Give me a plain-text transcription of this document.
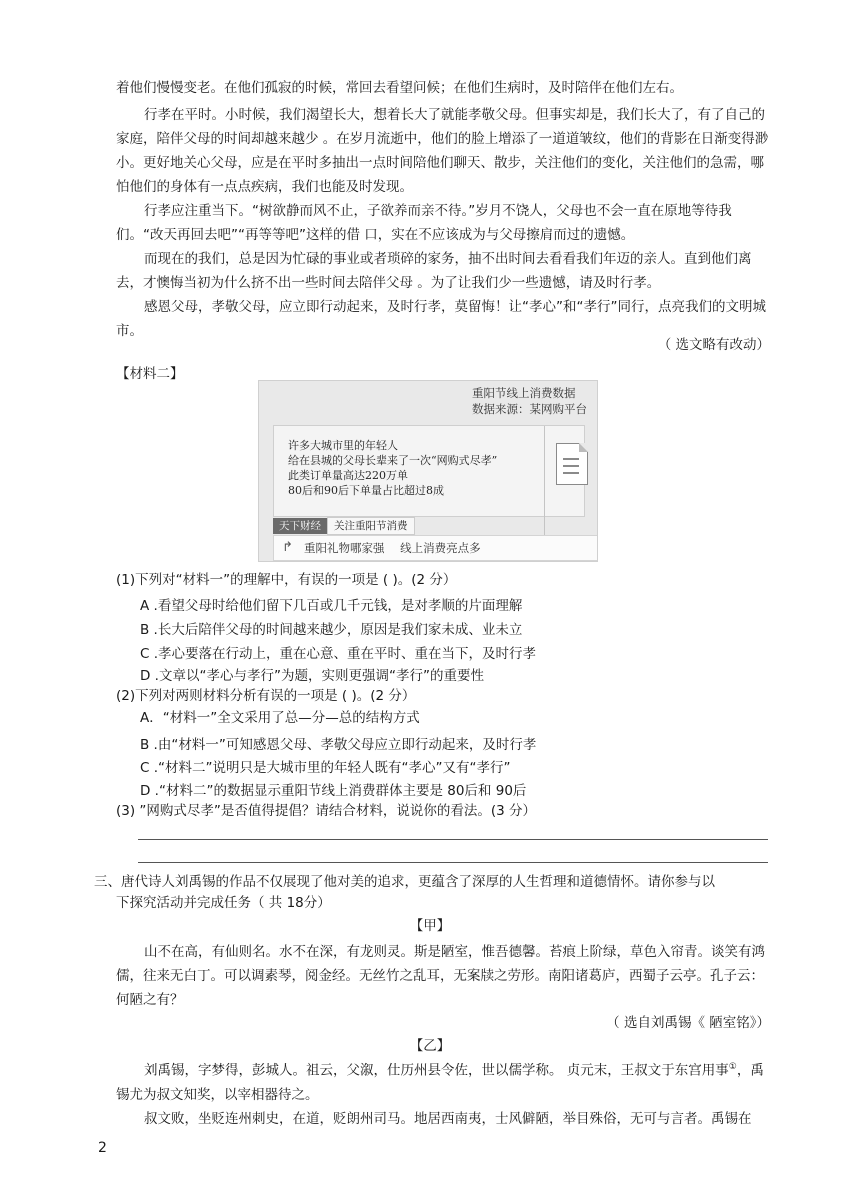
着他们慢慢变老。在他们孤寂的时候，常回去看望问候；在他们生病时，及时陪伴在他们左右。

行孝在平时。小时候，我们渴望长大，想着长大了就能孝敬父母。但事实却是，我们长大了，有了自己的家庭，陪伴父母的时间却越来越少 。在岁月流逝中，他们的脸上增添了一道道皱纹，他们的背影在日渐变得渺小。更好地关心父母，应是在平时多抽出一点时间陪他们聊天、散步，关注他们的变化，关注他们的急需，哪怕他们的身体有一点点疾病，我们也能及时发现。

行孝应注重当下。“树欲静而风不止，子欲养而亲不待。”岁月不饶人，父母也不会一直在原地等待我们。“改天再回去吧”“再等等吧”这样的借 口，实在不应该成为与父母擦肩而过的遗憾。

而现在的我们，总是因为忙碌的事业或者琐碎的家务，抽不出时间去看看我们年迈的亲人。直到他们离去，才懊悔当初为什么挤不出一些时间去陪伴父母 。为了让我们少一些遗憾，请及时行孝。

感恩父母，孝敬父母，应立即行动起来，及时行孝，莫留悔！让“孝心”和“孝行”同行，点亮我们的文明城市。

（ 选文略有改动）
【材料二】
重阳节线上消费数据
数据来源：某网购平台
许多大城市里的年轻人
给在县城的父母长辈来了一次“网购式尽孝”
此类订单量高达220万单
80后和90后下单量占比超过8成
天下财经 关注重阳节消费
↱ 重阳礼物哪家强 线上消费亮点多
(1)下列对“材料一”的理解中，有误的一项是 ( )。(2 分）
A .看望父母时给他们留下几百或几千元钱，是对孝顺的片面理解
B .长大后陪伴父母的时间越来越少，原因是我们家未成、业未立
C .孝心要落在行动上，重在心意、重在平时、重在当下，及时行孝
D .文章以“孝心与孝行”为题，实则更强调“孝行”的重要性
(2)下列对两则材料分析有误的一项是 ( )。(2 分）
A．“材料一”全文采用了总—分—总的结构方式
B .由“材料一”可知感恩父母、孝敬父母应立即行动起来，及时行孝
C .“材料二”说明只是大城市里的年轻人既有“孝心”又有“孝行”
D .“材料二”的数据显示重阳节线上消费群体主要是 80后和 90后
(3) ”网购式尽孝”是否值得提倡？请结合材料，说说你的看法。(3 分）
三、唐代诗人刘禹锡的作品不仅展现了他对美的追求，更蕴含了深厚的人生哲理和道德情怀。请你参与以
下探究活动并完成任务（ 共 18分）
【甲】

山不在高，有仙则名。水不在深，有龙则灵。斯是陋室，惟吾德馨。苔痕上阶绿，草色入帘青。谈笑有鸿儒，往来无白丁。可以调素琴，阅金经。无丝竹之乱耳，无案牍之劳形。南阳诸葛庐，西蜀子云亭。孔子云：何陋之有？

（ 选自刘禹锡《 陋室铭》）
【乙】

刘禹锡，字梦得，彭城人。祖云，父溆，仕历州县令佐，世以儒学称。 贞元末，王叔文于东宫用事①，禹锡尤为叔文知奖，以宰相器待之。

叔文败，坐贬连州刺史，在道，贬朗州司马。地居西南夷，士风僻陋，举目殊俗，无可与言者。禹锡在

2
